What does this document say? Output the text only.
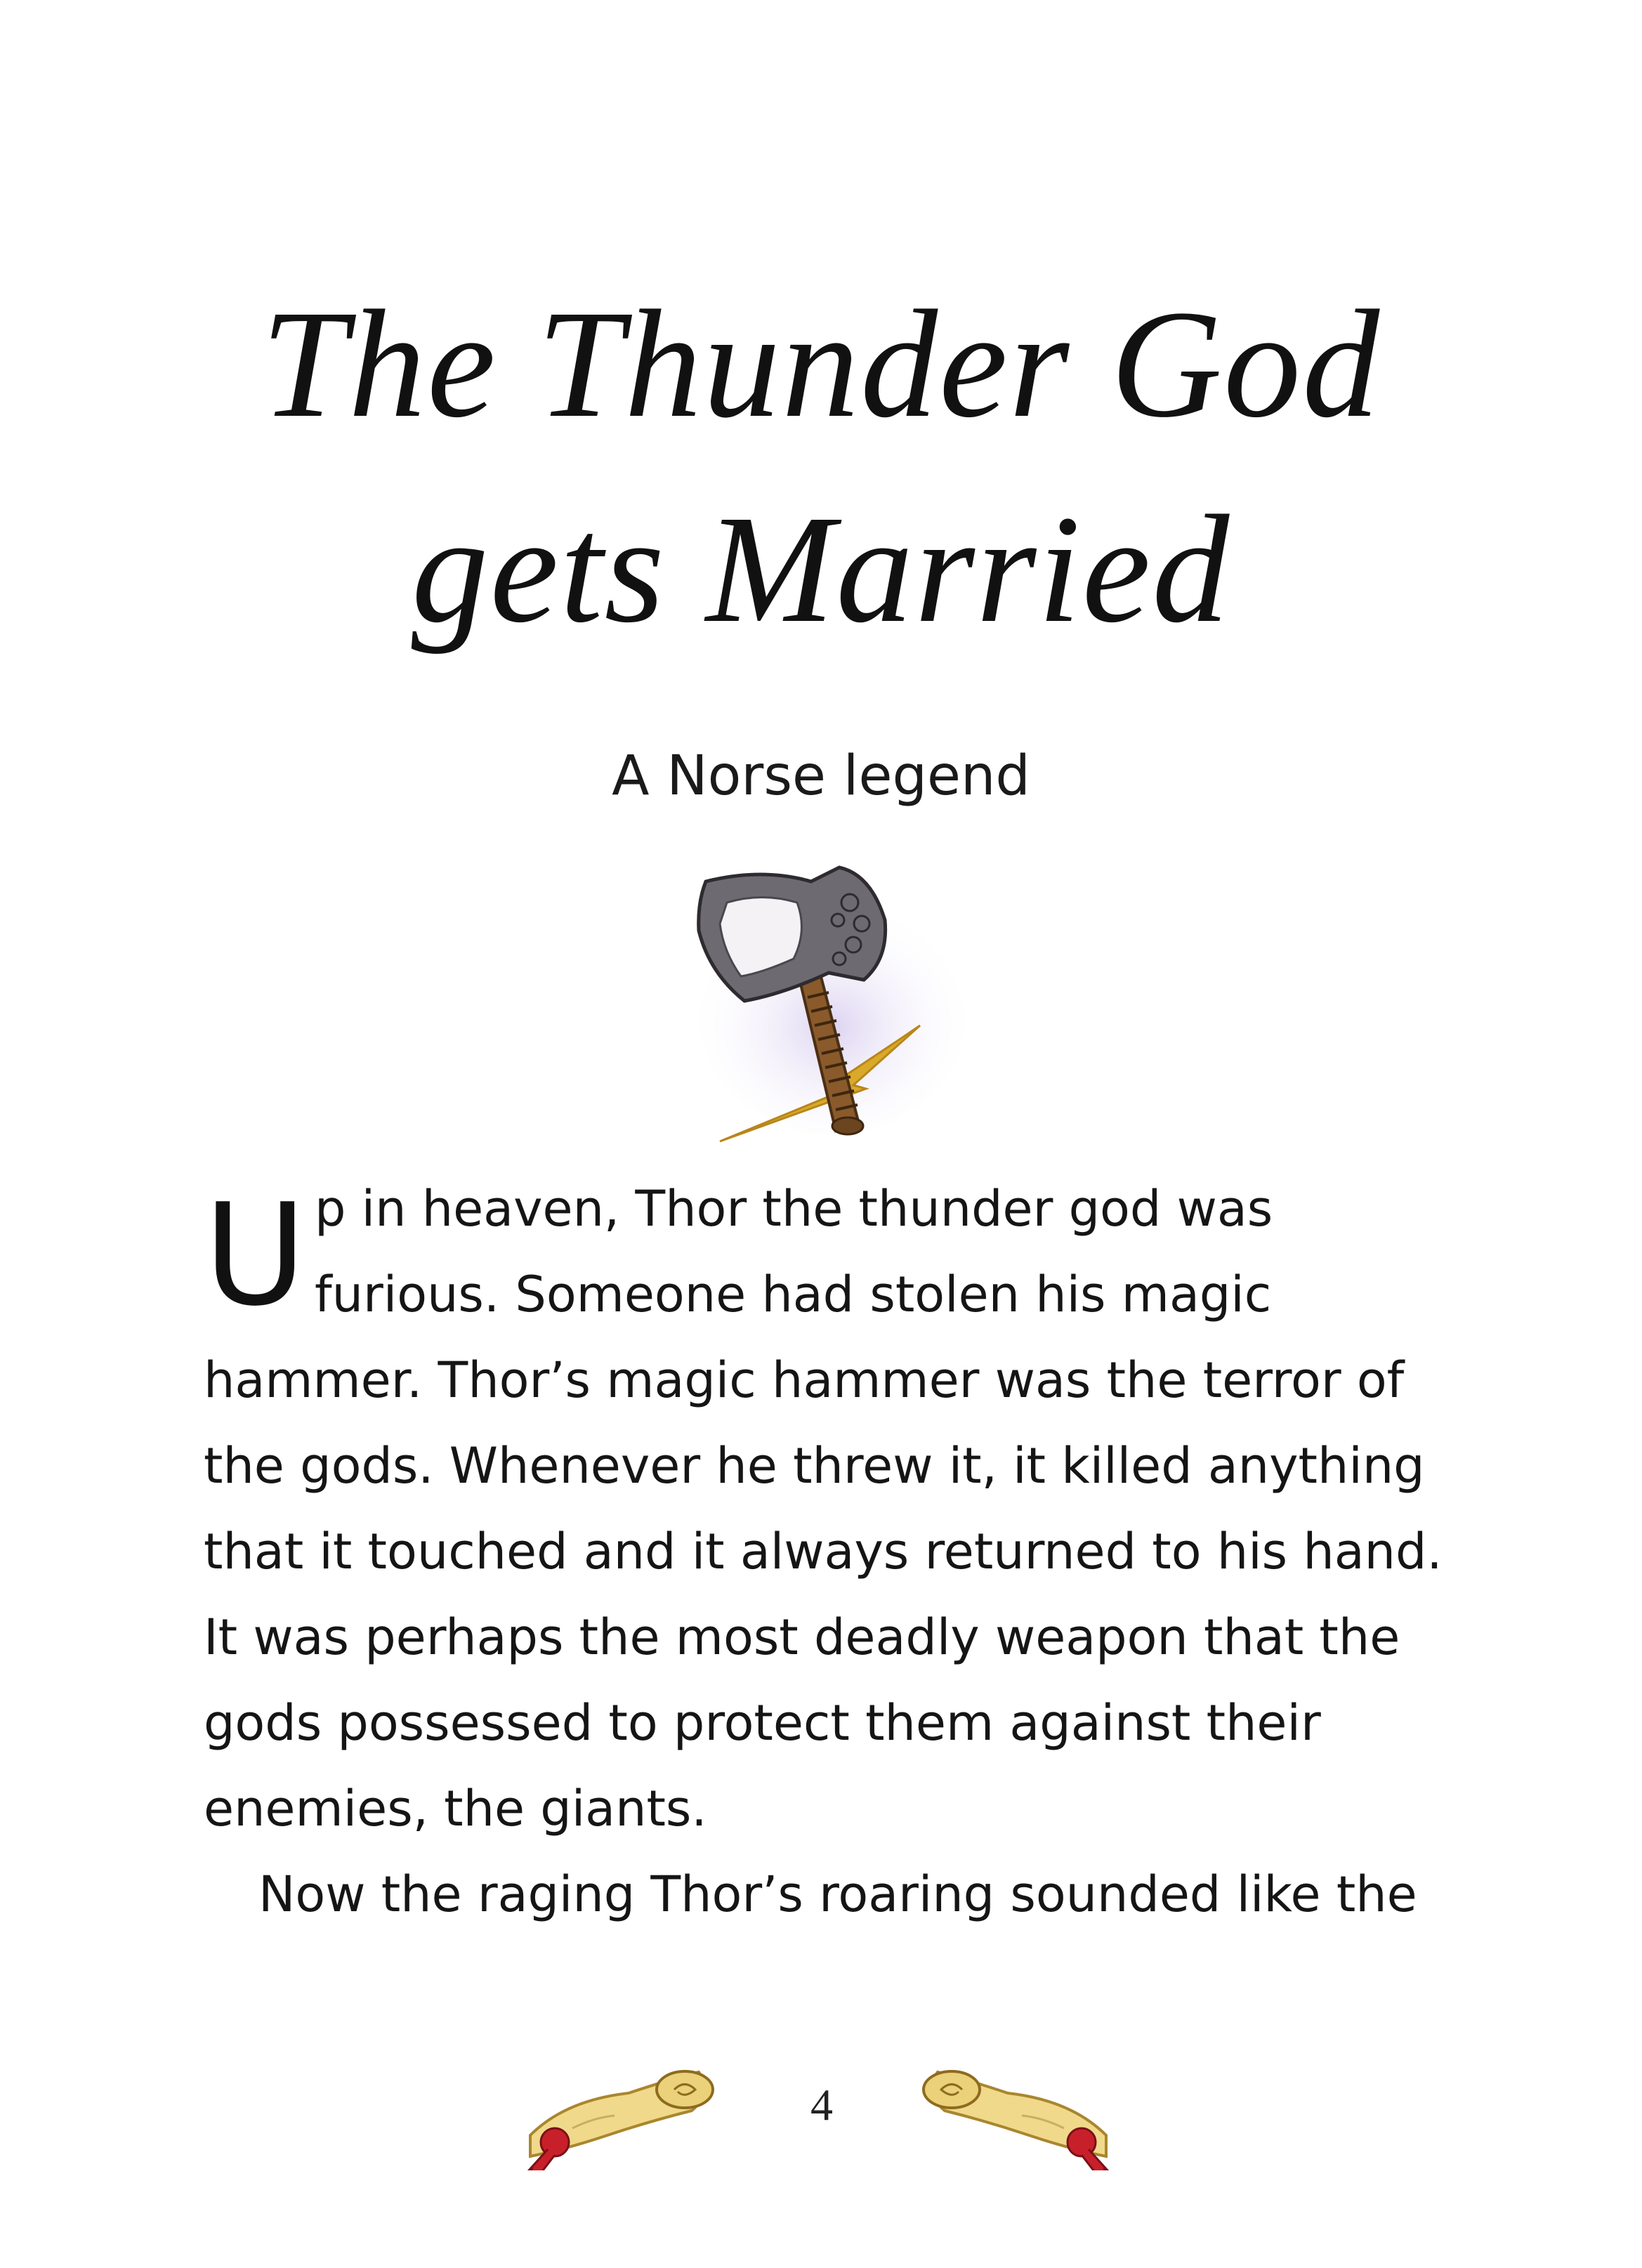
The Thunder God
gets Married
A Norse legend
U p in heaven, Thor the thunder god was
furious. Someone had stolen his magic
hammer. Thor’s magic hammer was the terror of
the gods. Whenever he threw it, it killed anything
that it touched and it always returned to his hand.
It was perhaps the most deadly weapon that the
gods possessed to protect them against their
enemies, the giants.
Now the raging Thor’s roaring sounded like the
4
